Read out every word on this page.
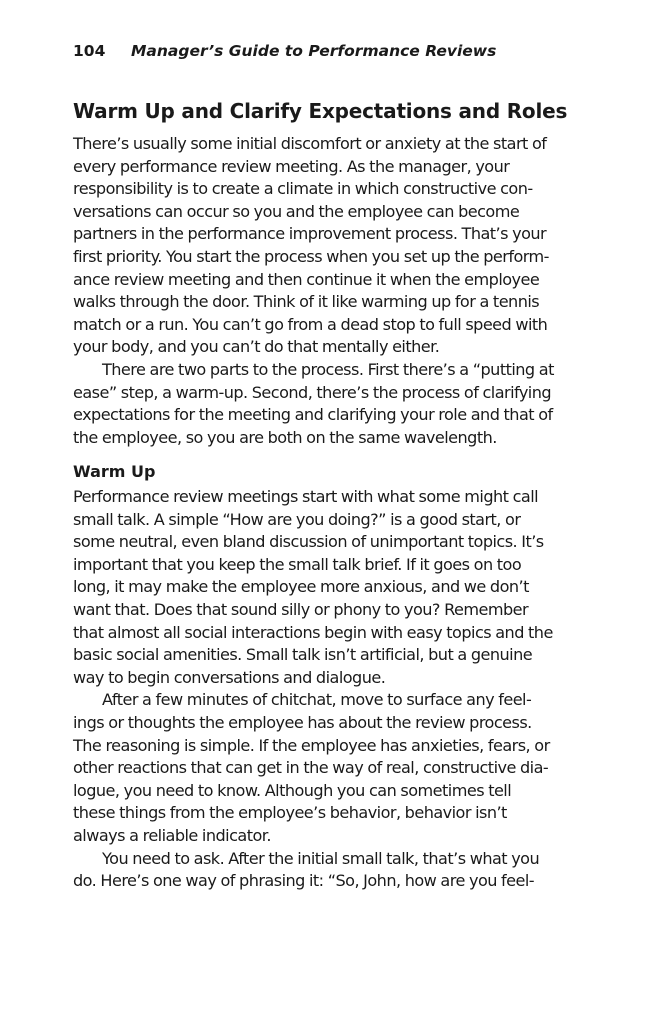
104 Manager’s Guide to Performance Reviews
Warm Up and Clarify Expectations and Roles
There’s usually some initial discomfort or anxiety at the start of
every performance review meeting. As the manager, your
responsibility is to create a climate in which constructive con-
versations can occur so you and the employee can become
partners in the performance improvement process. That’s your
first priority. You start the process when you set up the perform-
ance review meeting and then continue it when the employee
walks through the door. Think of it like warming up for a tennis
match or a run. You can’t go from a dead stop to full speed with
your body, and you can’t do that mentally either.
There are two parts to the process. First there’s a “putting at
ease” step, a warm-up. Second, there’s the process of clarifying
expectations for the meeting and clarifying your role and that of
the employee, so you are both on the same wavelength.
Warm Up
Performance review meetings start with what some might call
small talk. A simple “How are you doing?” is a good start, or
some neutral, even bland discussion of unimportant topics. It’s
important that you keep the small talk brief. If it goes on too
long, it may make the employee more anxious, and we don’t
want that. Does that sound silly or phony to you? Remember
that almost all social interactions begin with easy topics and the
basic social amenities. Small talk isn’t artificial, but a genuine
way to begin conversations and dialogue.
After a few minutes of chitchat, move to surface any feel-
ings or thoughts the employee has about the review process.
The reasoning is simple. If the employee has anxieties, fears, or
other reactions that can get in the way of real, constructive dia-
logue, you need to know. Although you can sometimes tell
these things from the employee’s behavior, behavior isn’t
always a reliable indicator.
You need to ask. After the initial small talk, that’s what you
do. Here’s one way of phrasing it: “So, John, how are you feel-
